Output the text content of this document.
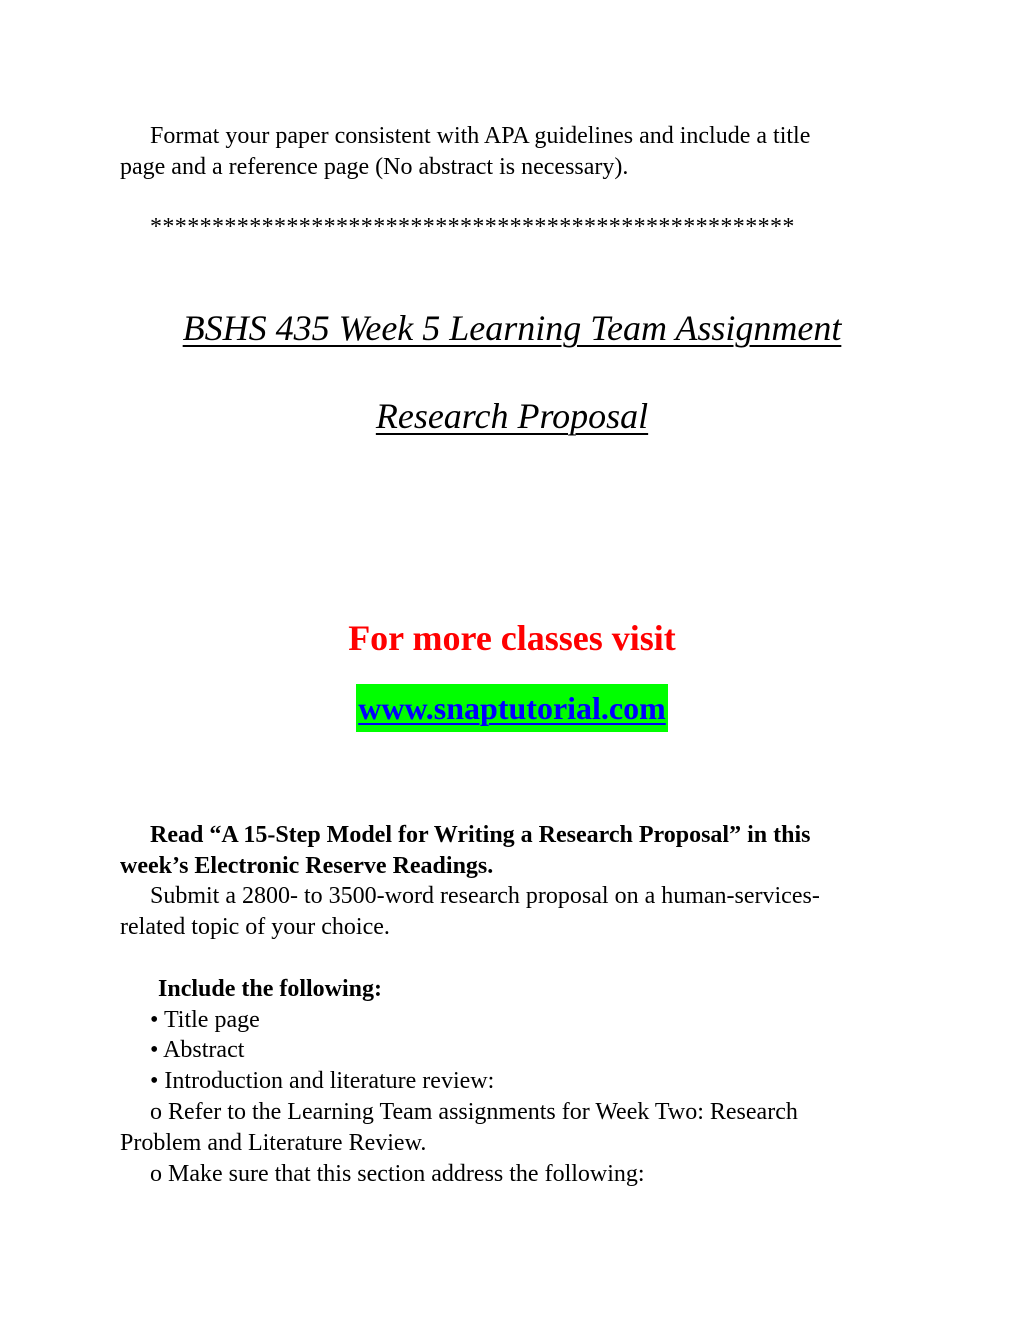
Format your paper consistent with APA guidelines and include a title
page and a reference page (No abstract is necessary).
****************************************************
BSHS 435 Week 5 Learning Team Assignment
Research Proposal
For more classes visit
www.snaptutorial.com
Read “A 15-Step Model for Writing a Research Proposal” in this
week’s Electronic Reserve Readings.
Submit a 2800- to 3500-word research proposal on a human-services-
related topic of your choice.
Include the following:
• Title page
• Abstract
• Introduction and literature review:
o Refer to the Learning Team assignments for Week Two: Research
Problem and Literature Review.
o Make sure that this section address the following:
